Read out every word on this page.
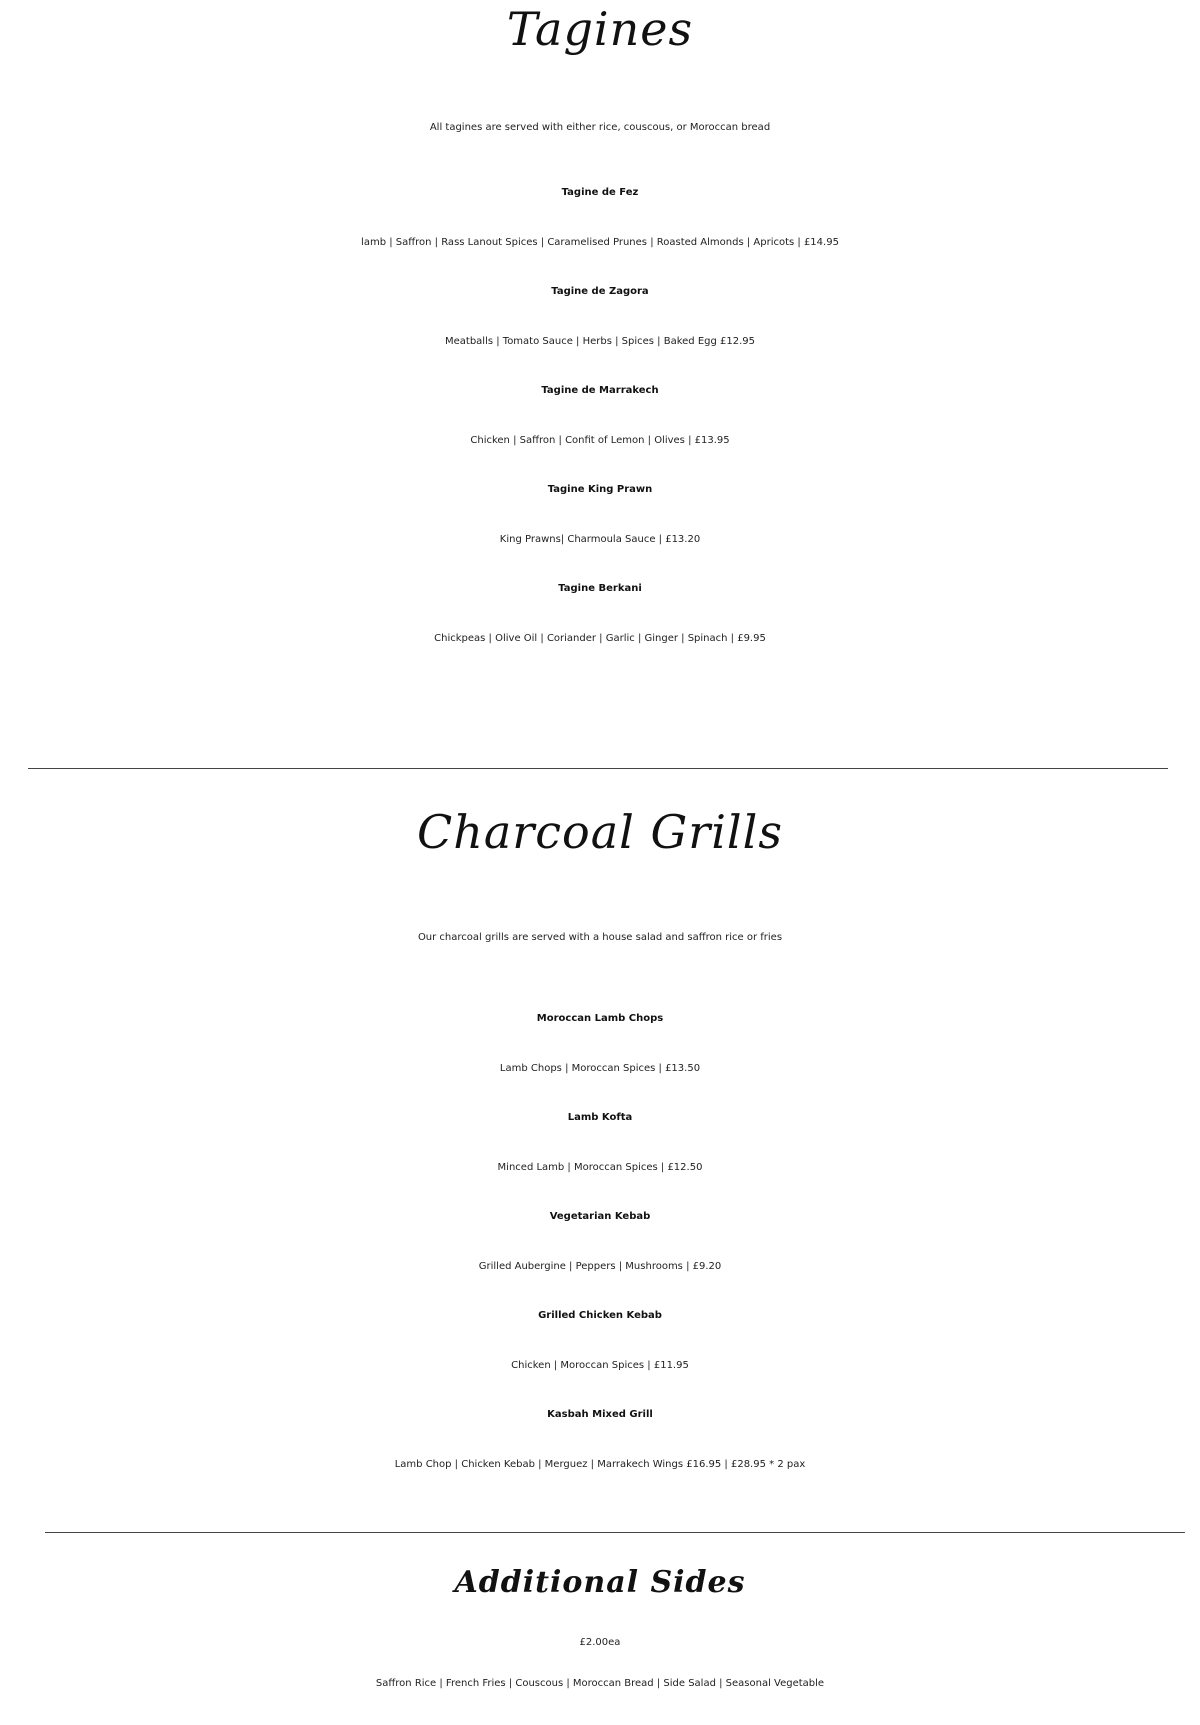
Tagines
All tagines are served with either rice, couscous, or Moroccan bread
Tagine de Fez
lamb | Saffron | Rass Lanout Spices | Caramelised Prunes | Roasted Almonds | Apricots | £14.95
Tagine de Zagora
Meatballs | Tomato Sauce | Herbs | Spices | Baked Egg £12.95
Tagine de Marrakech
Chicken | Saffron | Confit of Lemon | Olives | £13.95
Tagine King Prawn
King Prawns| Charmoula Sauce | £13.20
Tagine Berkani
Chickpeas | Olive Oil | Coriander | Garlic | Ginger | Spinach | £9.95
Charcoal Grills
Our charcoal grills are served with a house salad and saffron rice or fries
Moroccan Lamb Chops
Lamb Chops | Moroccan Spices | £13.50
Lamb Kofta
Minced Lamb | Moroccan Spices | £12.50
Vegetarian Kebab
Grilled Aubergine | Peppers | Mushrooms | £9.20
Grilled Chicken Kebab
Chicken | Moroccan Spices | £11.95
Kasbah Mixed Grill
Lamb Chop | Chicken Kebab | Merguez | Marrakech Wings £16.95 | £28.95 * 2 pax
Additional Sides
£2.00ea
Saffron Rice | French Fries | Couscous | Moroccan Bread | Side Salad | Seasonal Vegetable
